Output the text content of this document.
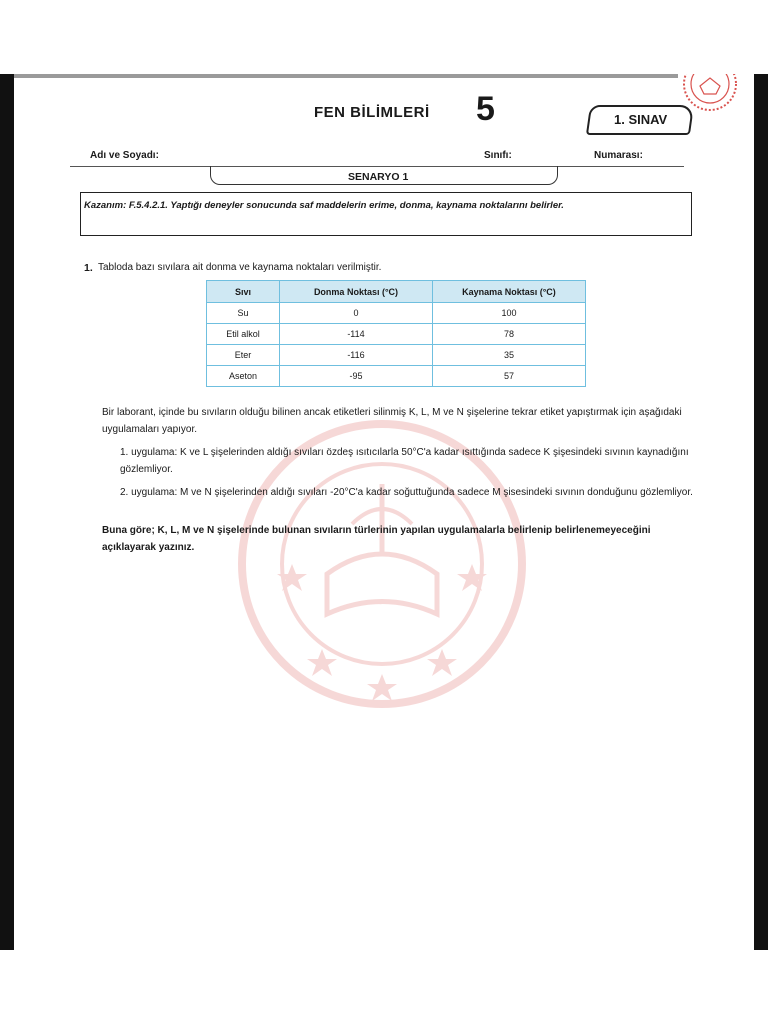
FEN BİLİMLERİ 5	1. SINAV
Adı ve Soyadı:	Sınıfı:	Numarası:
SENARYO 1
Kazanım: F.5.4.2.1. Yaptığı deneyler sonucunda saf maddelerin erime, donma, kaynama noktalarını belirler.
1. Tabloda bazı sıvılara ait donma ve kaynama noktaları verilmiştir.
Sıvı	Donma Noktası (°C)	Kaynama Noktası (°C)
Su	0	100
Etil alkol	-114	78
Eter	-116	35
Aseton	-95	57
Bir laborant, içinde bu sıvıların olduğu bilinen ancak etiketleri silinmiş K, L, M ve N şişelerine tekrar etiket yapıştırmak için aşağıdaki uygulamaları yapıyor.
1. uygulama: K ve L şişelerinden aldığı sıvıları özdeş ısıtıcılarla 50°C'a kadar ısıttığında sadece K şişesindeki sıvının kaynadığını gözlemliyor.
2. uygulama: M ve N şişelerinden aldığı sıvıları -20°C'a kadar soğuttuğunda sadece M şisesindeki sıvının donduğunu gözlemliyor.
Buna göre; K, L, M ve N şişelerinde bulunan sıvıların türlerinin yapılan uygulamalarla belirlenip belirlenemeyeceğini açıklayarak yazınız.
